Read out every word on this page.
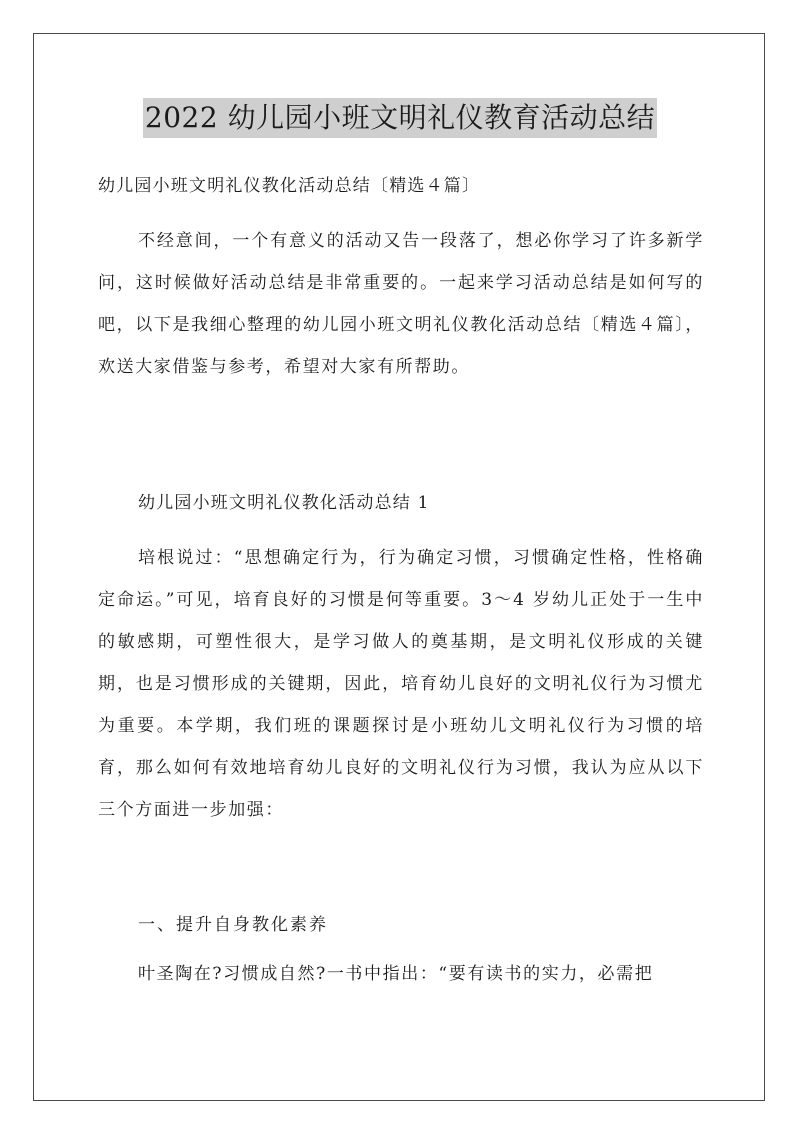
2022 幼儿园小班文明礼仪教育活动总结
幼儿园小班文明礼仪教化活动总结〔精选４篇〕

不经意间，一个有意义的活动又告一段落了，想必你学习了许多新学问，这时候做好活动总结是非常重要的。一起来学习活动总结是如何写的吧，以下是我细心整理的幼儿园小班文明礼仪教化活动总结〔精选４篇〕，欢送大家借鉴与参考，希望对大家有所帮助。

幼儿园小班文明礼仪教化活动总结 1

培根说过：“思想确定行为，行为确定习惯，习惯确定性格，性格确定命运。”可见，培育良好的习惯是何等重要。3～4 岁幼儿正处于一生中的敏感期，可塑性很大，是学习做人的奠基期，是文明礼仪形成的关键期，也是习惯形成的关键期，因此，培育幼儿良好的文明礼仪行为习惯尤为重要。本学期，我们班的课题探讨是小班幼儿文明礼仪行为习惯的培育，那么如何有效地培育幼儿良好的文明礼仪行为习惯，我认为应从以下三个方面进一步加强：

一、提升自身教化素养

叶圣陶在?习惯成自然?一书中指出：“要有读书的实力，必需把
